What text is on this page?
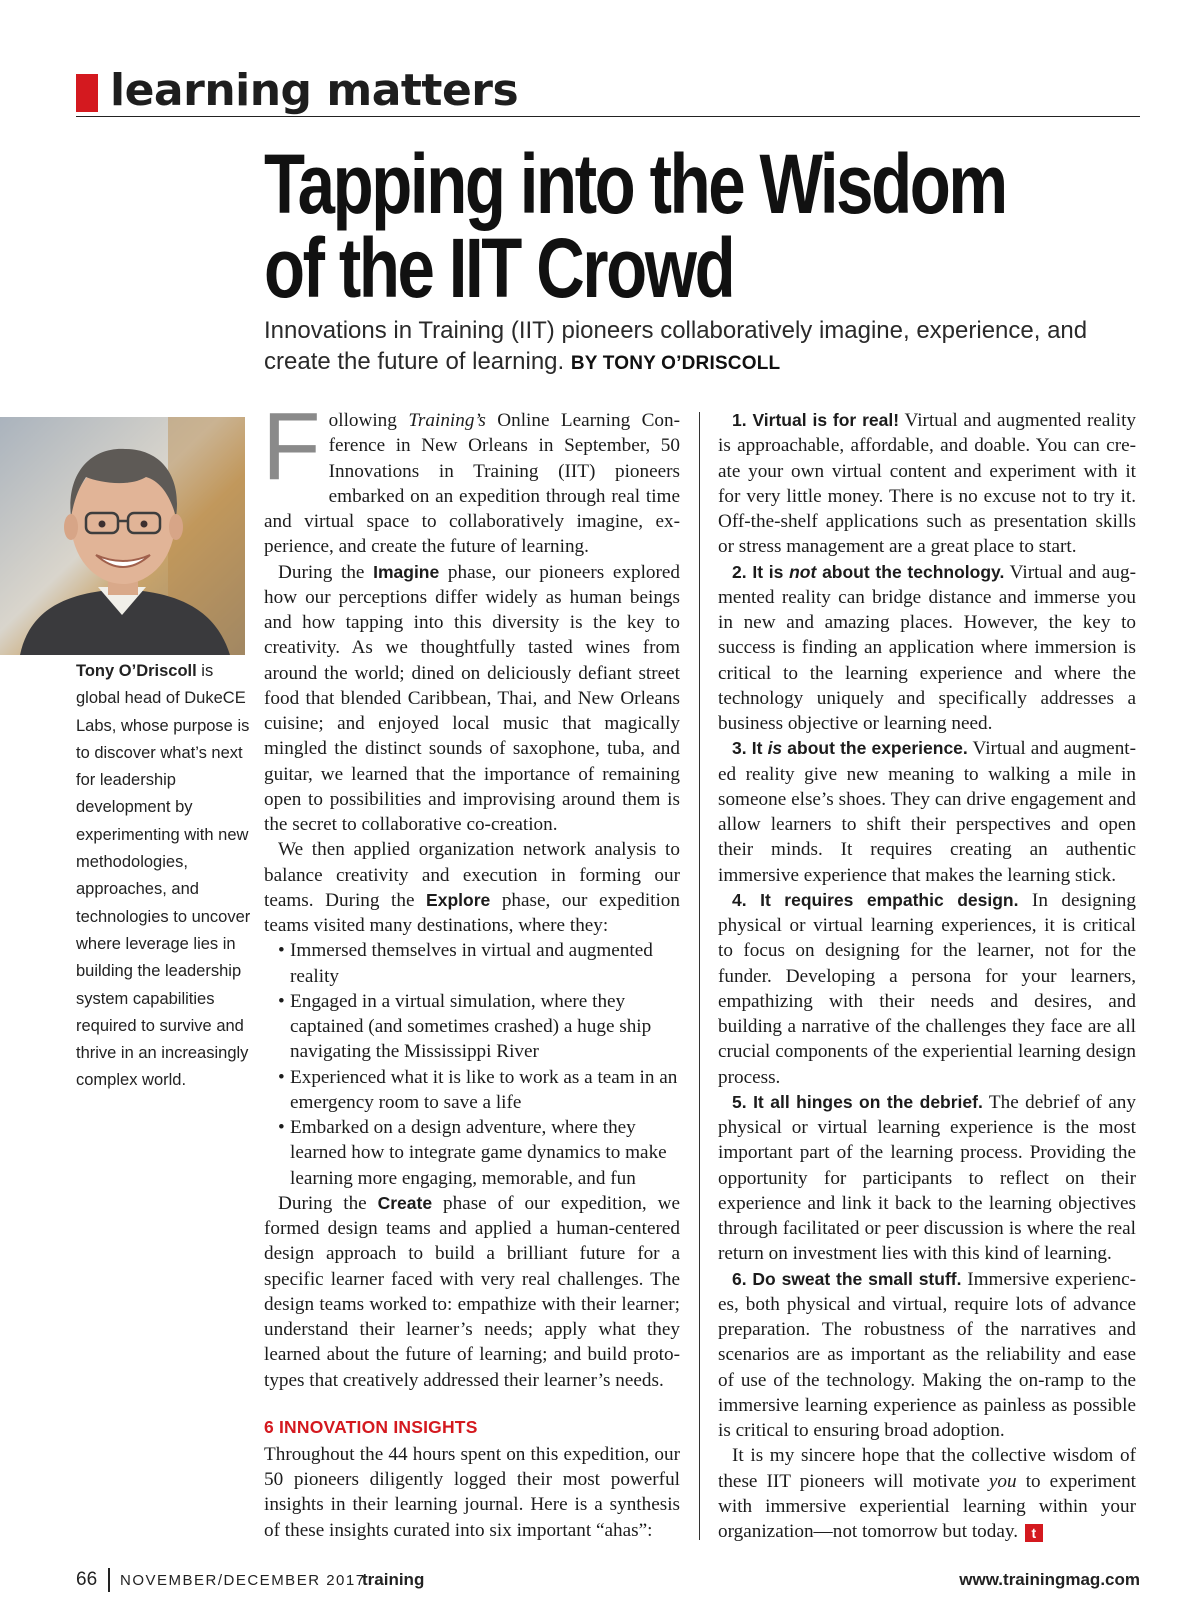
learning matters
Tapping into the Wisdom
of the IIT Crowd
Innovations in Training (IIT) pioneers collaboratively imagine, experience, and create the future of learning. BY TONY O’DRISCOLL
Tony O’Driscoll is global head of DukeCE Labs, whose purpose is to discover what’s next for leadership development by experimenting with new methodologies, approaches, and technologies to uncover where leverage lies in building the leadership system capabilities required to survive and thrive in an increasingly complex world.

Following Training’s Online Learning Conference in New Orleans in September, 50 Innovations in Training (IIT) pioneers embarked on an expedition through real time and virtual space to collaboratively imagine, experience, and create the future of learning.

During the Imagine phase, our pioneers explored how our perceptions differ widely as human beings and how tapping into this diversity is the key to creativity. As we thoughtfully tasted wines from around the world; dined on deliciously defiant street food that blended Caribbean, Thai, and New Orleans cuisine; and enjoyed local music that magically mingled the distinct sounds of saxophone, tuba, and guitar, we learned that the importance of remaining open to possibilities and improvising around them is the secret to collaborative co-creation.

We then applied organization network analysis to balance creativity and execution in forming our teams. During the Explore phase, our expedition teams visited many destinations, where they:

• Immersed themselves in virtual and augmented reality
• Engaged in a virtual simulation, where they captained (and sometimes crashed) a huge ship navigating the Mississippi River
• Experienced what it is like to work as a team in an emergency room to save a life
• Embarked on a design adventure, where they learned how to integrate game dynamics to make learning more engaging, memorable, and fun

During the Create phase of our expedition, we formed design teams and applied a human-centered design approach to build a brilliant future for a specific learner faced with very real challenges. The design teams worked to: empathize with their learner; understand their learner’s needs; apply what they learned about the future of learning; and build prototypes that creatively addressed their learner’s needs.

6 INNOVATION INSIGHTS

Throughout the 44 hours spent on this expedition, our 50 pioneers diligently logged their most powerful insights in their learning journal. Here is a synthesis of these insights curated into six important “ahas”:

1. Virtual is for real! Virtual and augmented reality is approachable, affordable, and doable. You can create your own virtual content and experiment with it for very little money. There is no excuse not to try it. Off-the-shelf applications such as presentation skills or stress management are a great place to start.

2. It is not about the technology. Virtual and augmented reality can bridge distance and immerse you in new and amazing places. However, the key to success is finding an application where immersion is critical to the learning experience and where the technology uniquely and specifically addresses a business objective or learning need.

3. It is about the experience. Virtual and augmented reality give new meaning to walking a mile in someone else’s shoes. They can drive engagement and allow learners to shift their perspectives and open their minds. It requires creating an authentic immersive experience that makes the learning stick.

4. It requires empathic design. In designing physical or virtual learning experiences, it is critical to focus on designing for the learner, not for the funder. Developing a persona for your learners, empathizing with their needs and desires, and building a narrative of the challenges they face are all crucial components of the experiential learning design process.

5. It all hinges on the debrief. The debrief of any physical or virtual learning experience is the most important part of the learning process. Providing the opportunity for participants to reflect on their experience and link it back to the learning objectives through facilitated or peer discussion is where the real return on investment lies with this kind of learning.

6. Do sweat the small stuff. Immersive experiences, both physical and virtual, require lots of advance preparation. The robustness of the narratives and scenarios are as important as the reliability and ease of use of the technology. Making the on-ramp to the immersive learning experience as painless as possible is critical to ensuring broad adoption.

It is my sincere hope that the collective wisdom of these IIT pioneers will motivate you to experiment with immersive experiential learning within your organization—not tomorrow but today. t

66 NOVEMBER/DECEMBER 2017
training	www.trainingmag.com
